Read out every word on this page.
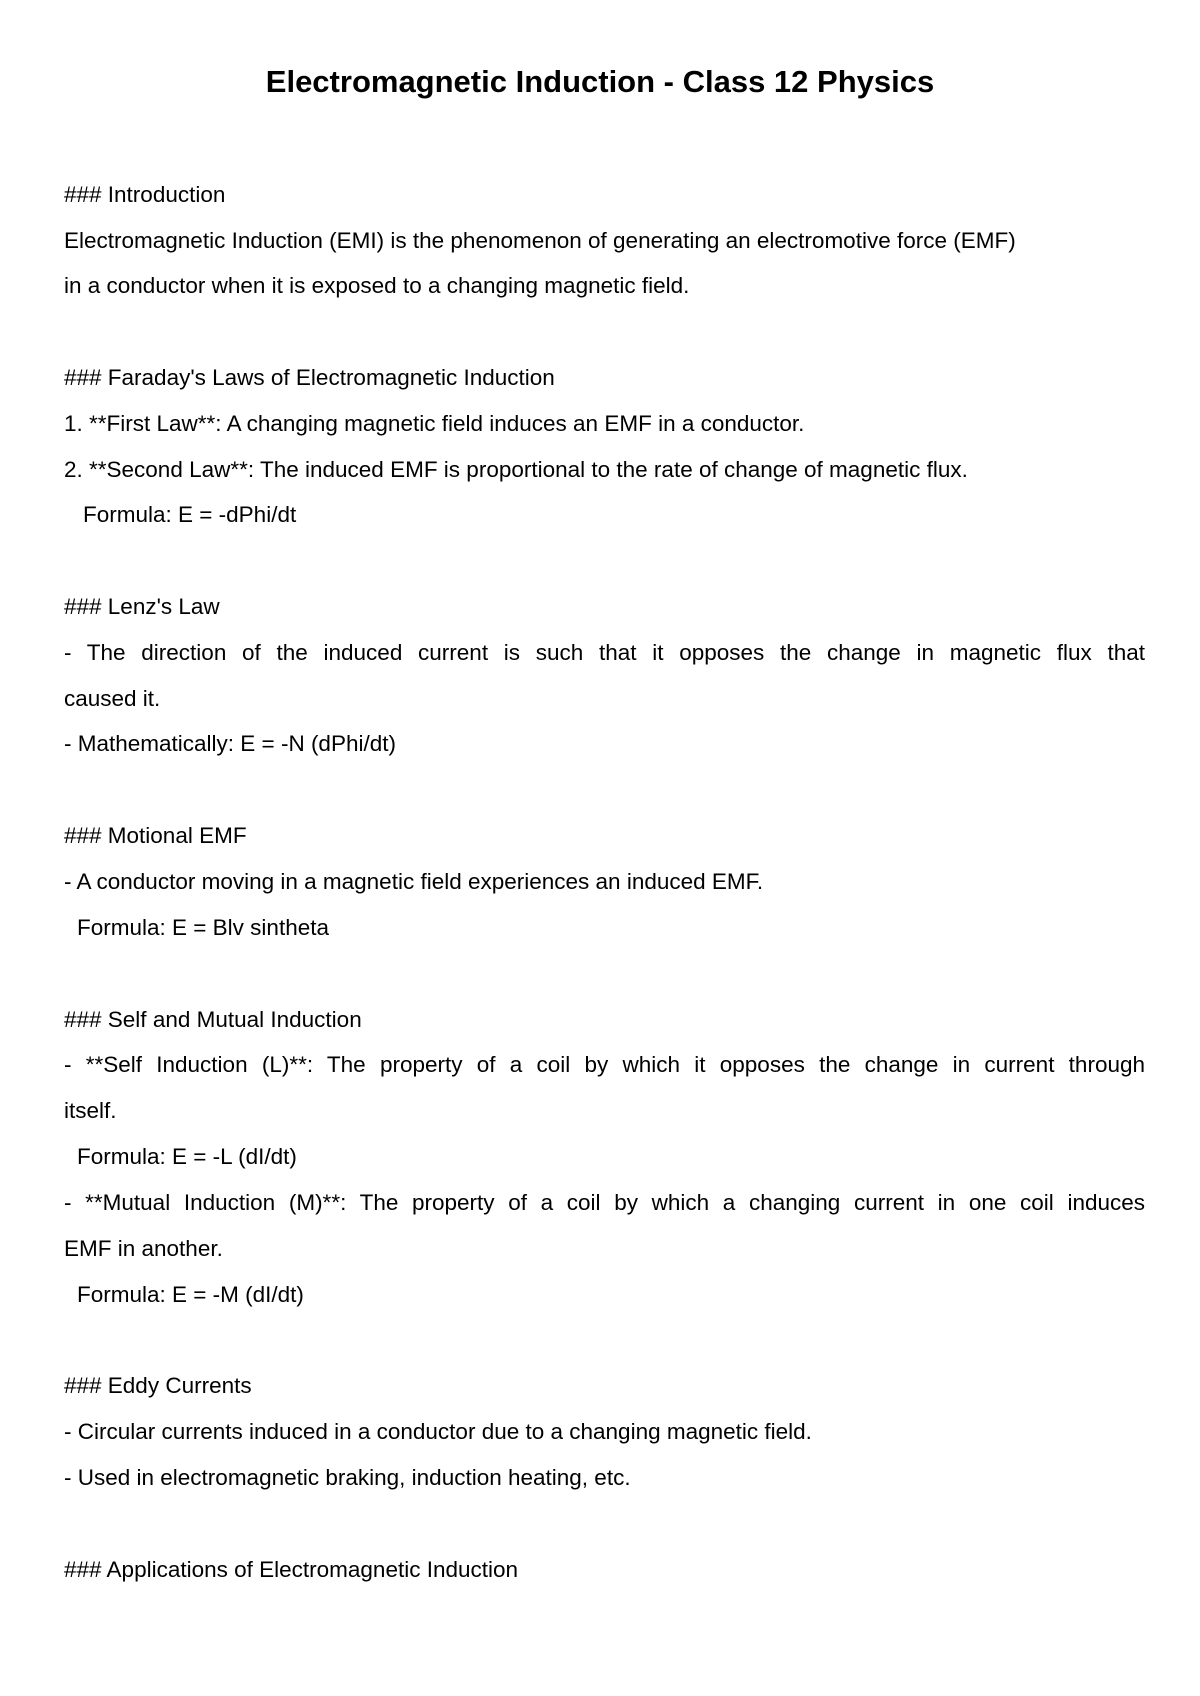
Electromagnetic Induction - Class 12 Physics
### Introduction
Electromagnetic Induction (EMI) is the phenomenon of generating an electromotive force (EMF)
in a conductor when it is exposed to a changing magnetic field.
### Faraday's Laws of Electromagnetic Induction
1. **First Law**: A changing magnetic field induces an EMF in a conductor.
2. **Second Law**: The induced EMF is proportional to the rate of change of magnetic flux.
Formula: E = -dPhi/dt
### Lenz's Law
- The direction of the induced current is such that it opposes the change in magnetic flux that
caused it.
- Mathematically: E = -N (dPhi/dt)
### Motional EMF
- A conductor moving in a magnetic field experiences an induced EMF.
Formula: E = Blv sintheta
### Self and Mutual Induction
- **Self Induction (L)**: The property of a coil by which it opposes the change in current through
itself.
Formula: E = -L (dI/dt)
- **Mutual Induction (M)**: The property of a coil by which a changing current in one coil induces
EMF in another.
Formula: E = -M (dI/dt)
### Eddy Currents
- Circular currents induced in a conductor due to a changing magnetic field.
- Used in electromagnetic braking, induction heating, etc.
### Applications of Electromagnetic Induction
